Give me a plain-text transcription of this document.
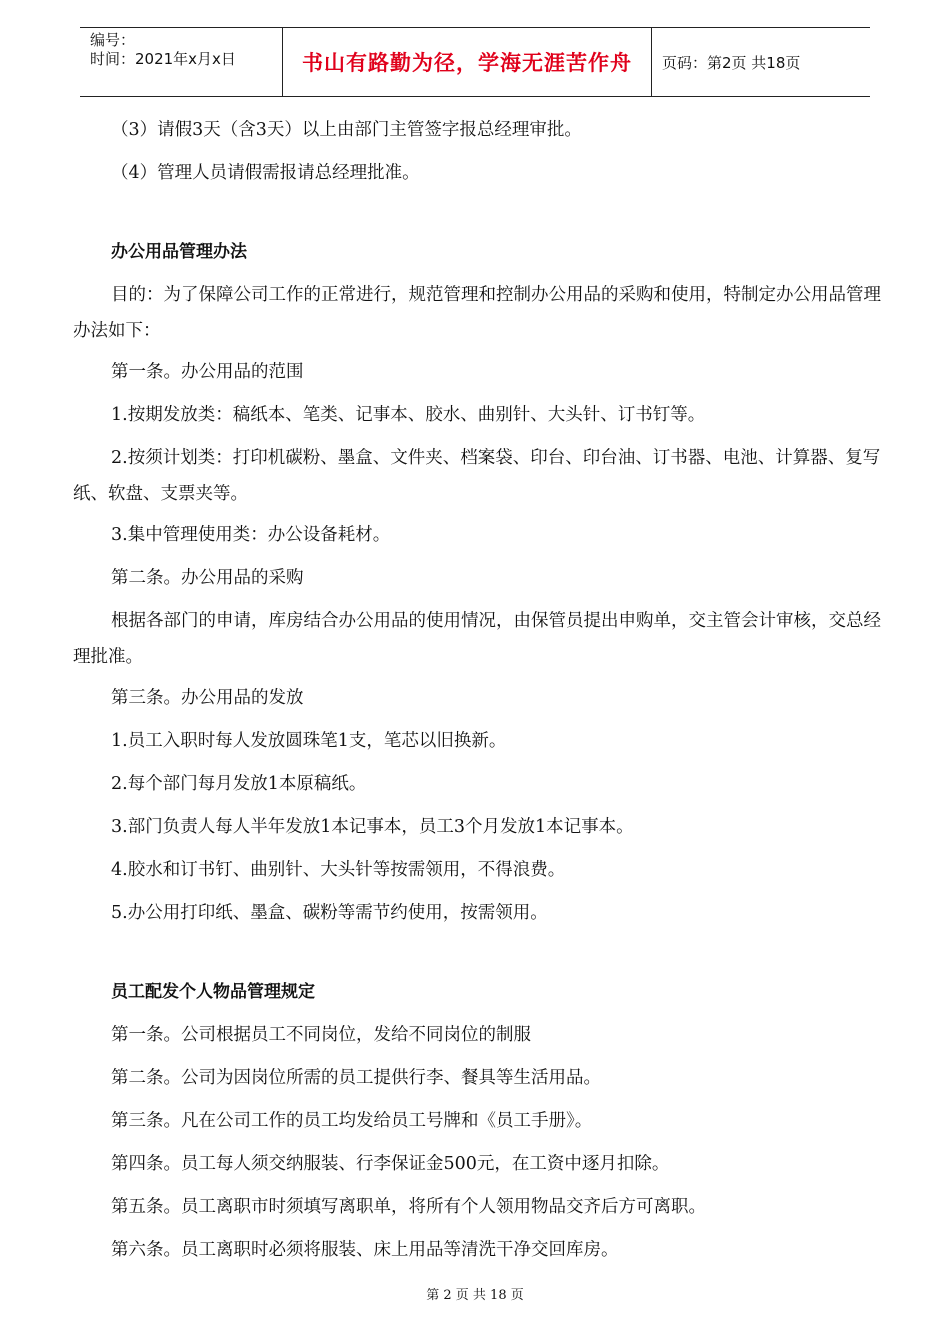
编号：
时间：2021年x月x日	书山有路勤为径，学海无涯苦作舟	页码：第2页 共18页
（3）请假3天（含3天）以上由部门主管签字报总经理审批。
（4）管理人员请假需报请总经理批准。
办公用品管理办法
目的：为了保障公司工作的正常进行，规范管理和控制办公用品的采购和使用，特制定办公用品管理办法如下：
第一条。办公用品的范围
1.按期发放类：稿纸本、笔类、记事本、胶水、曲别针、大头针、订书钉等。
2.按须计划类：打印机碳粉、墨盒、文件夹、档案袋、印台、印台油、订书器、电池、计算器、复写纸、软盘、支票夹等。
3.集中管理使用类：办公设备耗材。
第二条。办公用品的采购
根据各部门的申请，库房结合办公用品的使用情况，由保管员提出申购单，交主管会计审核，交总经理批准。
第三条。办公用品的发放
1.员工入职时每人发放圆珠笔1支，笔芯以旧换新。
2.每个部门每月发放1本原稿纸。
3.部门负责人每人半年发放1本记事本，员工3个月发放1本记事本。
4.胶水和订书钉、曲别针、大头针等按需领用，不得浪费。
5.办公用打印纸、墨盒、碳粉等需节约使用，按需领用。
员工配发个人物品管理规定
第一条。公司根据员工不同岗位，发给不同岗位的制服
第二条。公司为因岗位所需的员工提供行李、餐具等生活用品。
第三条。凡在公司工作的员工均发给员工号牌和《员工手册》。
第四条。员工每人须交纳服装、行李保证金500元，在工资中逐月扣除。
第五条。员工离职市时须填写离职单，将所有个人领用物品交齐后方可离职。
第六条。员工离职时必须将服装、床上用品等清洗干净交回库房。
第 2 页 共 18 页
